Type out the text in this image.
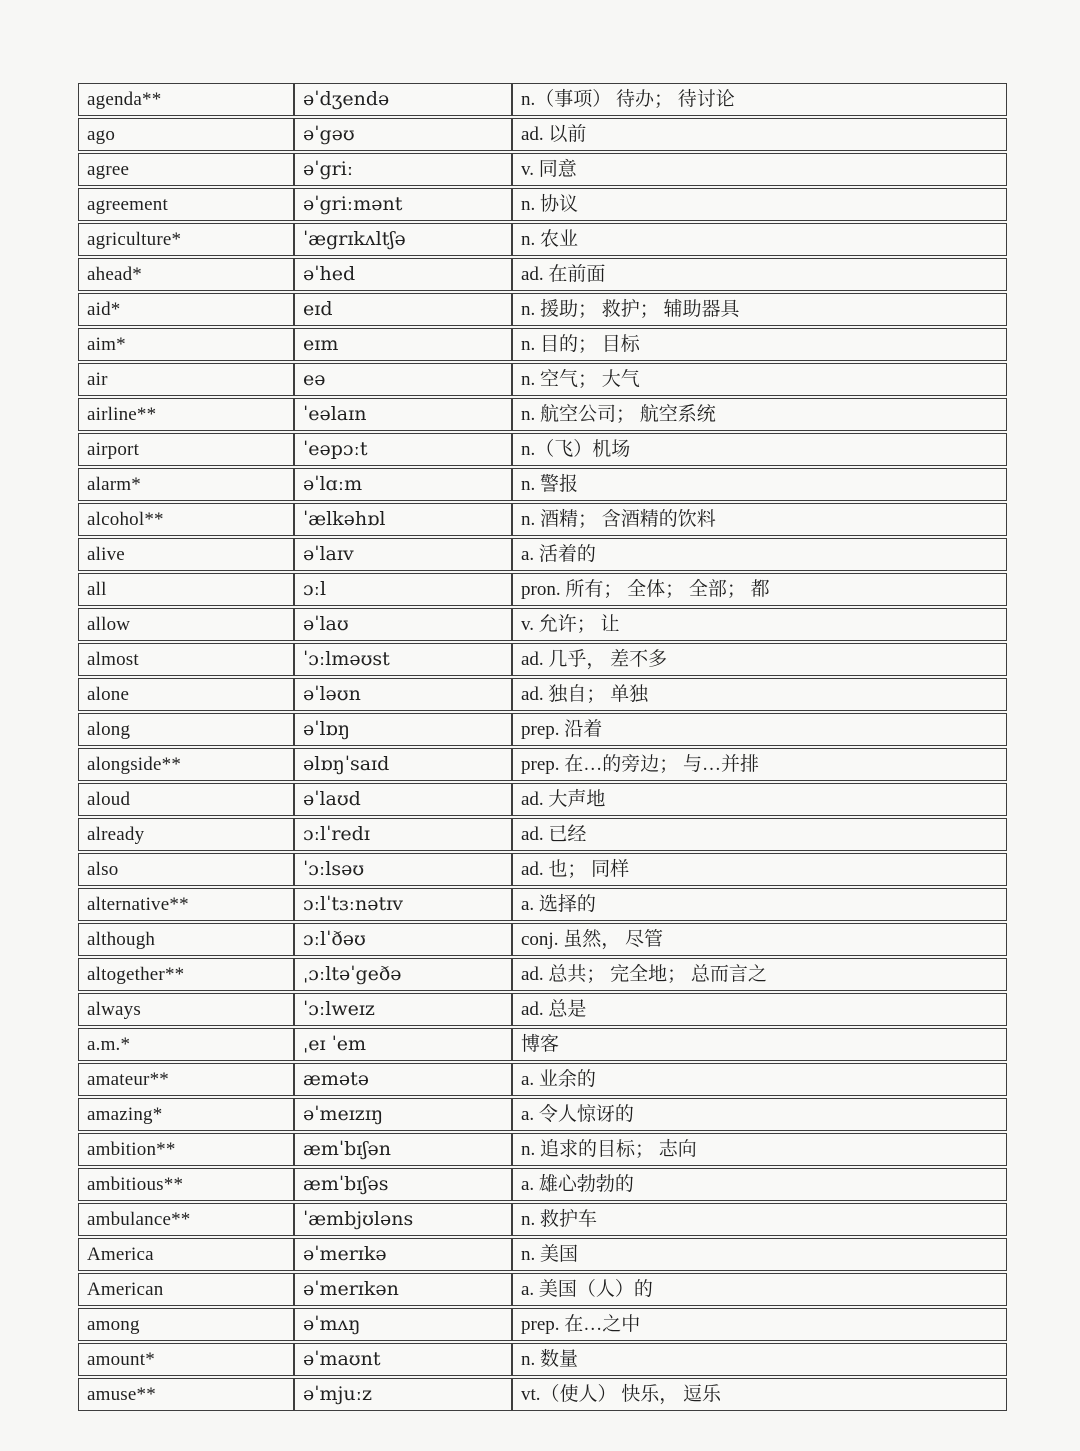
agenda**	əˈdʒendə	n.（事项） 待办； 待讨论
ago	əˈgəʊ	ad. 以前
agree	əˈgriː	v. 同意
agreement	əˈgriːmənt	n. 协议
agriculture*	ˈægrɪkʌltʃə	n. 农业
ahead*	əˈhed	ad. 在前面
aid*	eɪd	n. 援助； 救护； 辅助器具
aim*	eɪm	n. 目的； 目标
air	eə	n. 空气； 大气
airline**	ˈeəlaɪn	n. 航空公司； 航空系统
airport	ˈeəpɔːt	n.（飞）机场
alarm*	əˈlɑːm	n. 警报
alcohol**	ˈælkəhɒl	n. 酒精； 含酒精的饮料
alive	əˈlaɪv	a. 活着的
all	ɔːl	pron. 所有； 全体； 全部； 都
allow	əˈlaʊ	v. 允许； 让
almost	ˈɔːlməʊst	ad. 几乎， 差不多
alone	əˈləʊn	ad. 独自； 单独
along	əˈlɒŋ	prep. 沿着
alongside**	əlɒŋˈsaɪd	prep. 在…的旁边； 与…并排
aloud	əˈlaʊd	ad. 大声地
already	ɔːlˈredɪ	ad. 已经
also	ˈɔːlsəʊ	ad. 也； 同样
alternative**	ɔːlˈtɜːnətɪv	a. 选择的
although	ɔːlˈðəʊ	conj. 虽然， 尽管
altogether**	ˌɔːltəˈgeðə	ad. 总共； 完全地； 总而言之
always	ˈɔːlweɪz	ad. 总是
a.m.*	ˌeɪ ˈem	博客
amateur**	æmətə	a. 业余的
amazing*	əˈmeɪzɪŋ	a. 令人惊讶的
ambition**	æmˈbɪʃən	n. 追求的目标； 志向
ambitious**	æmˈbɪʃəs	a. 雄心勃勃的
ambulance**	ˈæmbjʊləns	n. 救护车
America	əˈmerɪkə	n. 美国
American	əˈmerɪkən	a. 美国（人）的
among	əˈmʌŋ	prep. 在…之中
amount*	əˈmaʊnt	n. 数量
amuse**	əˈmjuːz	vt.（使人） 快乐， 逗乐
